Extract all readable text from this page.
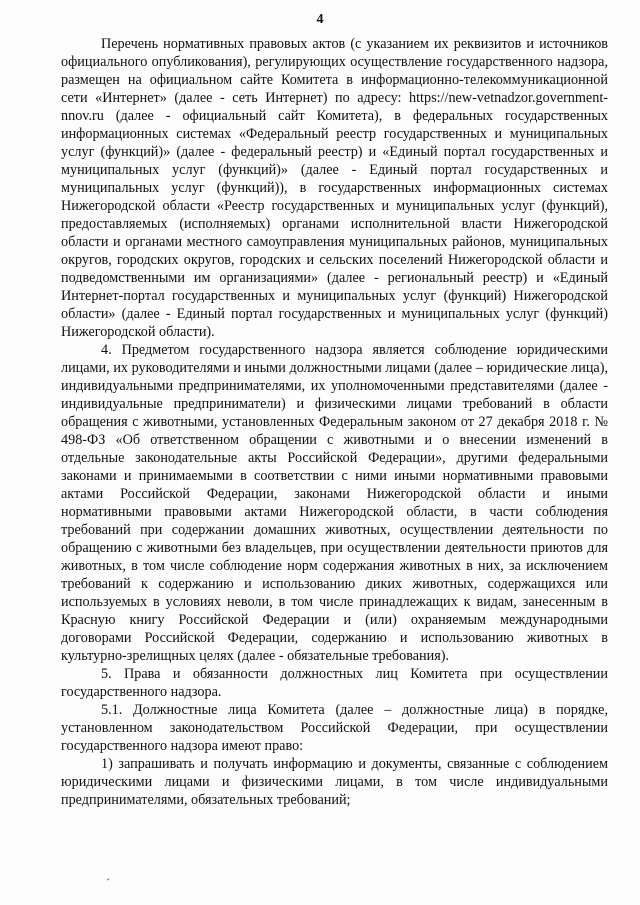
4

Перечень нормативных правовых актов (с указанием их реквизитов и источников официального опубликования), регулирующих осуществление государственного надзора, размещен на официальном сайте Комитета в информационно-телекоммуникационной сети «Интернет» (далее - сеть Интернет) по адресу: https://new-vetnadzor.government-nnov.ru (далее - официальный сайт Комитета), в федеральных государственных информационных системах «Федеральный реестр государственных и муниципальных услуг (функций)» (далее - федеральный реестр) и «Единый портал государственных и муниципальных услуг (функций)» (далее - Единый портал государственных и муниципальных услуг (функций)), в государственных информационных системах Нижегородской области «Реестр государственных и муниципальных услуг (функций), предоставляемых (исполняемых) органами исполнительной власти Нижегородской области и органами местного самоуправления муниципальных районов, муниципальных округов, городских округов, городских и сельских поселений Нижегородской области и подведомственными им организациями» (далее - региональный реестр) и «Единый Интернет-портал государственных и муниципальных услуг (функций) Нижегородской области» (далее - Единый портал государственных и муниципальных услуг (функций) Нижегородской области).

4. Предметом государственного надзора является соблюдение юридическими лицами, их руководителями и иными должностными лицами (далее – юридические лица), индивидуальными предпринимателями, их уполномоченными представителями (далее - индивидуальные предприниматели) и физическими лицами требований в области обращения с животными, установленных Федеральным законом от 27 декабря 2018 г. № 498-ФЗ «Об ответственном обращении с животными и о внесении изменений в отдельные законодательные акты Российской Федерации», другими федеральными законами и принимаемыми в соответствии с ними иными нормативными правовыми актами Российской Федерации, законами Нижегородской области и иными нормативными правовыми актами Нижегородской области, в части соблюдения требований при содержании домашних животных, осуществлении деятельности по обращению с животными без владельцев, при осуществлении деятельности приютов для животных, в том числе соблюдение норм содержания животных в них, за исключением требований к содержанию и использованию диких животных, содержащихся или используемых в условиях неволи, в том числе принадлежащих к видам, занесенным в Красную книгу Российской Федерации и (или) охраняемым международными договорами Российской Федерации, содержанию и использованию животных в культурно-зрелищных целях (далее - обязательные требования).

5. Права и обязанности должностных лиц Комитета при осуществлении государственного надзора.

5.1. Должностные лица Комитета (далее – должностные лица) в порядке, установленном законодательством Российской Федерации, при осуществлении государственного надзора имеют право:

1) запрашивать и получать информацию и документы, связанные с соблюдением юридическими лицами и физическими лицами, в том числе индивидуальными предпринимателями, обязательных требований;

´
